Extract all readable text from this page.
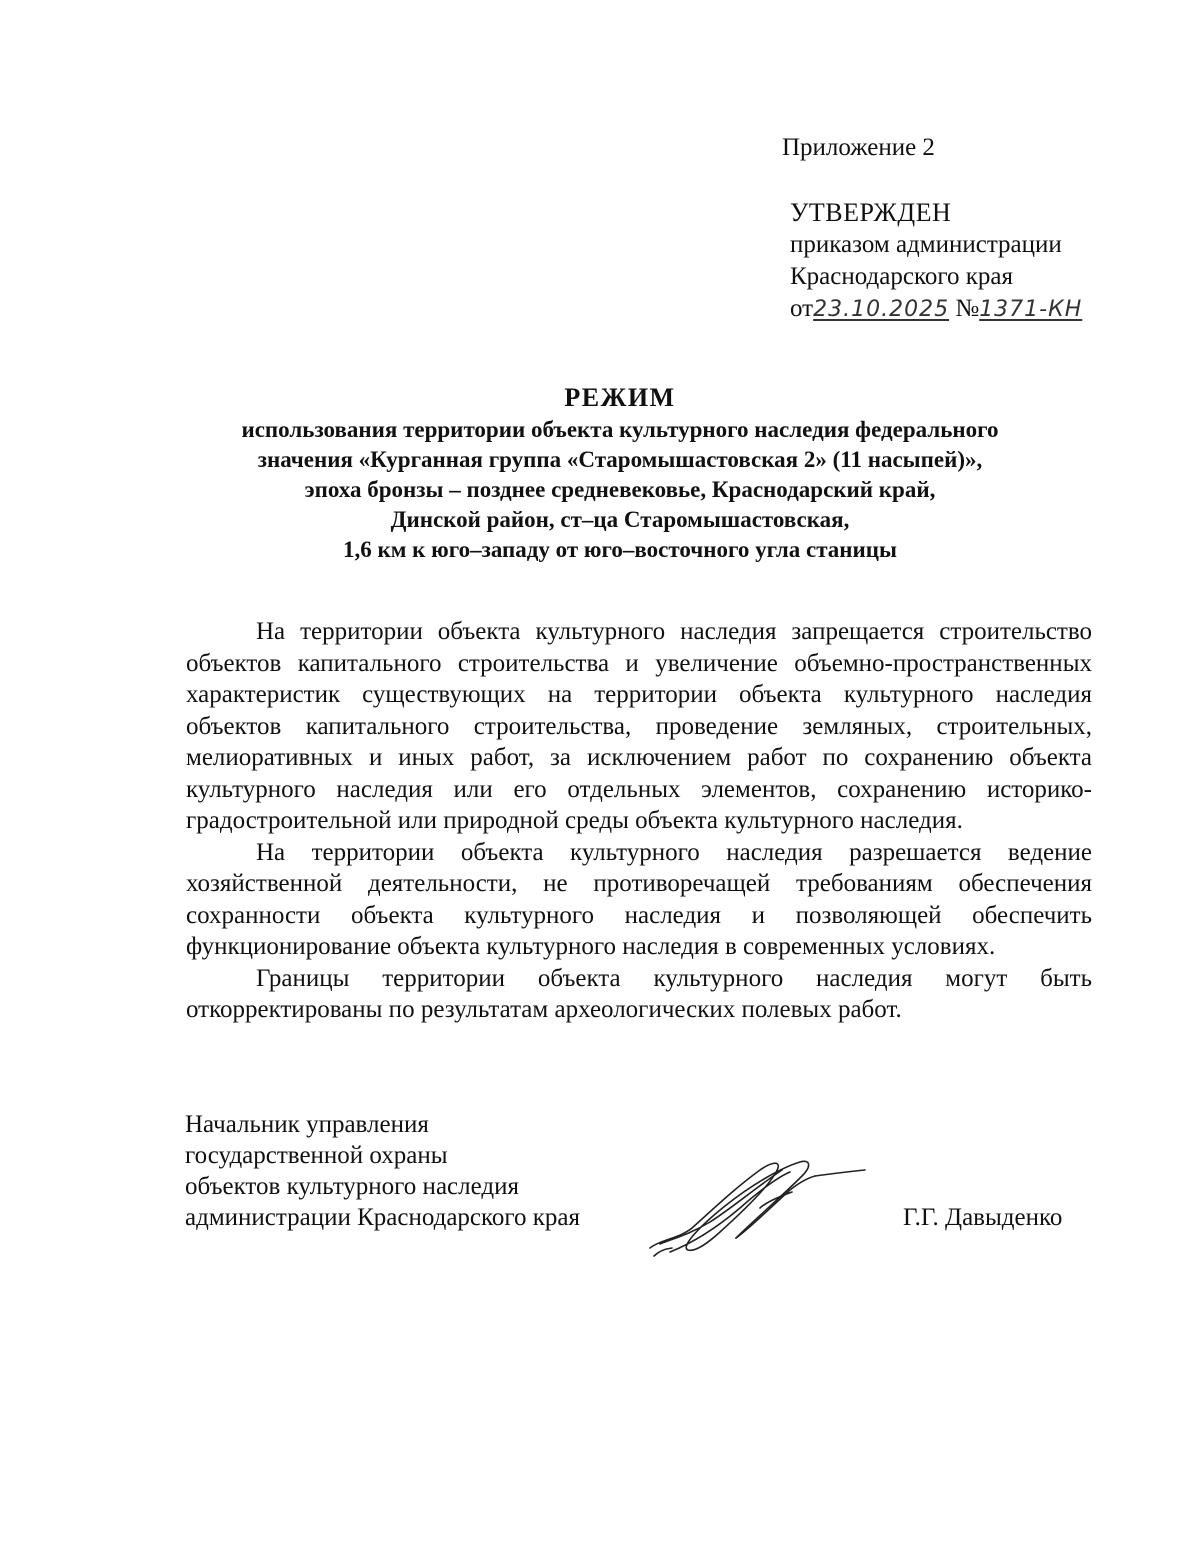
Приложение 2
УТВЕРЖДЕН
приказом администрации
Краснодарского края
от23.10.2025 №1371-КН
РЕЖИМ
использования территории объекта культурного наследия федерального
значения «Курганная группа «Старомышастовская 2» (11 насыпей)»,
эпоха бронзы – позднее средневековье, Краснодарский край,
Динской район, ст–ца Старомышастовская,
1,6 км к юго–западу от юго–восточного угла станицы

На территории объекта культурного наследия запрещается строительство объектов капитального строительства и увеличение объемно-пространственных характеристик существующих на территории объекта культурного наследия объектов капитального строительства, проведение земляных, строительных, мелиоративных и иных работ, за исключением работ по сохранению объекта культурного наследия или его отдельных элементов, сохранению историко-градостроительной или природной среды объекта культурного наследия.

На территории объекта культурного наследия разрешается ведение хозяйственной деятельности, не противоречащей требованиям обеспечения сохранности объекта культурного наследия и позволяющей обеспечить функционирование объекта культурного наследия в современных условиях.

Границы территории объекта культурного наследия могут быть откорректированы по результатам археологических полевых работ.

Начальник управления
государственной охраны
объектов культурного наследия
администрации Краснодарского края	Г.Г. Давыденко
